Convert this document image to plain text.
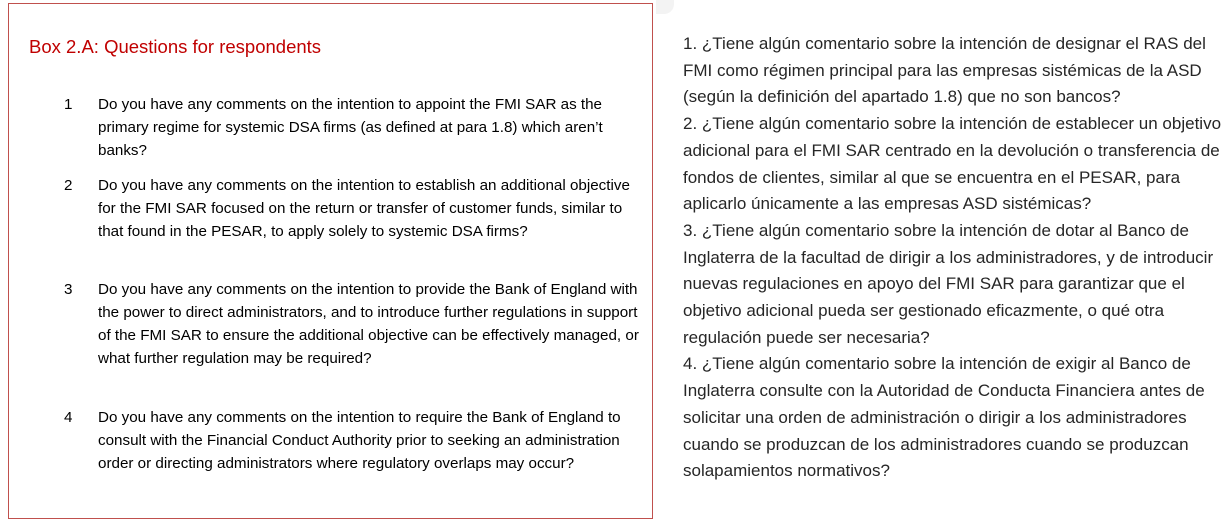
Box 2.A: Questions for respondents
1	Do you have any comments on the intention to appoint the FMI SAR as the primary regime for systemic DSA firms (as defined at para 1.8) which aren’t banks?
2	Do you have any comments on the intention to establish an additional objective for the FMI SAR focused on the return or transfer of customer funds, similar to that found in the PESAR, to apply solely to systemic DSA firms?
3	Do you have any comments on the intention to provide the Bank of England with the power to direct administrators, and to introduce further regulations in support of the FMI SAR to ensure the additional objective can be effectively managed, or what further regulation may be required?
4	Do you have any comments on the intention to require the Bank of England to consult with the Financial Conduct Authority prior to seeking an administration order or directing administrators where regulatory overlaps may occur?

1. ¿Tiene algún comentario sobre la intención de designar el RAS del FMI como régimen principal para las empresas sistémicas de la ASD (según la definición del apartado 1.8) que no son bancos?

2. ¿Tiene algún comentario sobre la intención de establecer un objetivo adicional para el FMI SAR centrado en la devolución o transferencia de fondos de clientes, similar al que se encuentra en el PESAR, para aplicarlo únicamente a las empresas ASD sistémicas?

3. ¿Tiene algún comentario sobre la intención de dotar al Banco de Inglaterra de la facultad de dirigir a los administradores, y de introducir nuevas regulaciones en apoyo del FMI SAR para garantizar que el objetivo adicional pueda ser gestionado eficazmente, o qué otra regulación puede ser necesaria?

4. ¿Tiene algún comentario sobre la intención de exigir al Banco de Inglaterra consulte con la Autoridad de Conducta Financiera antes de solicitar una orden de administración o dirigir a los administradores cuando se produzcan de los administradores cuando se produzcan solapamientos normativos?
